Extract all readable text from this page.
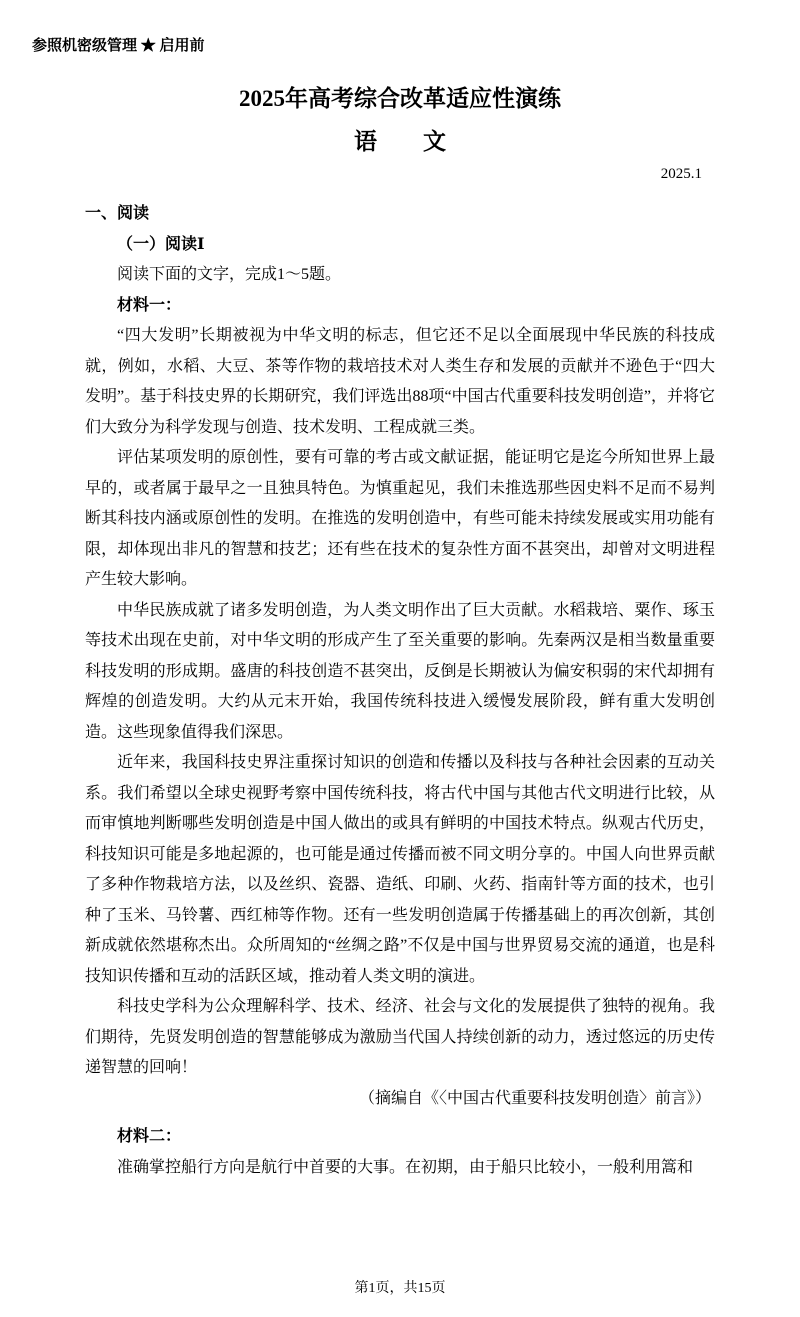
参照机密级管理 ★ 启用前
2025年高考综合改革适应性演练
语　　文
2025.1

一、阅读

（一）阅读Ⅰ

阅读下面的文字，完成1～5题。

材料一：

“四大发明”长期被视为中华文明的标志，但它还不足以全面展现中华民族的科技成就，例如，水稻、大豆、茶等作物的栽培技术对人类生存和发展的贡献并不逊色于“四大发明”。基于科技史界的长期研究，我们评选出88项“中国古代重要科技发明创造”，并将它们大致分为科学发现与创造、技术发明、工程成就三类。

评估某项发明的原创性，要有可靠的考古或文献证据，能证明它是迄今所知世界上最早的，或者属于最早之一且独具特色。为慎重起见，我们未推选那些因史料不足而不易判断其科技内涵或原创性的发明。在推选的发明创造中，有些可能未持续发展或实用功能有限，却体现出非凡的智慧和技艺；还有些在技术的复杂性方面不甚突出，却曾对文明进程产生较大影响。

中华民族成就了诸多发明创造，为人类文明作出了巨大贡献。水稻栽培、粟作、琢玉等技术出现在史前，对中华文明的形成产生了至关重要的影响。先秦两汉是相当数量重要科技发明的形成期。盛唐的科技创造不甚突出，反倒是长期被认为偏安积弱的宋代却拥有辉煌的创造发明。大约从元末开始，我国传统科技进入缓慢发展阶段，鲜有重大发明创造。这些现象值得我们深思。

近年来，我国科技史界注重探讨知识的创造和传播以及科技与各种社会因素的互动关系。我们希望以全球史视野考察中国传统科技，将古代中国与其他古代文明进行比较，从而审慎地判断哪些发明创造是中国人做出的或具有鲜明的中国技术特点。纵观古代历史，科技知识可能是多地起源的，也可能是通过传播而被不同文明分享的。中国人向世界贡献了多种作物栽培方法，以及丝织、瓷器、造纸、印刷、火药、指南针等方面的技术，也引种了玉米、马铃薯、西红柿等作物。还有一些发明创造属于传播基础上的再次创新，其创新成就依然堪称杰出。众所周知的“丝绸之路”不仅是中国与世界贸易交流的通道，也是科技知识传播和互动的活跃区域，推动着人类文明的演进。

科技史学科为公众理解科学、技术、经济、社会与文化的发展提供了独特的视角。我们期待，先贤发明创造的智慧能够成为激励当代国人持续创新的动力，透过悠远的历史传递智慧的回响！

（摘编自《〈中国古代重要科技发明创造〉前言》）

材料二：

准确掌控船行方向是航行中首要的大事。在初期，由于船只比较小，一般利用篙和

第1页，共15页
